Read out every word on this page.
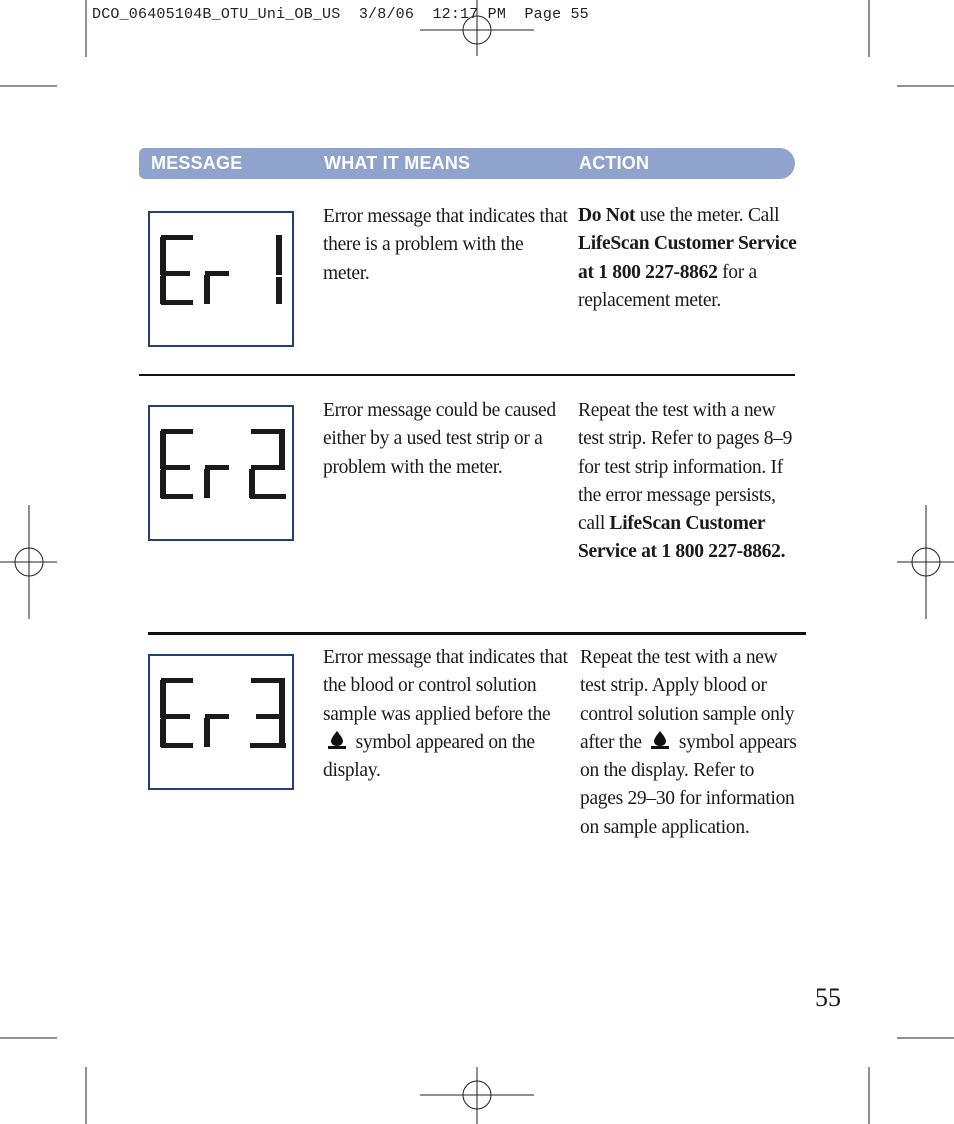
DCO_06405104B_OTU_Uni_OB_US  3/8/06  12:17 PM  Page 55
MESSAGE	WHAT IT MEANS	ACTION
Error message that indicates that there is a problem with the meter.
Do Not use the meter. Call LifeScan Customer Service at 1 800 227-8862 for a replacement meter.
Error message could be caused either by a used test strip or a problem with the meter.
Repeat the test with a new test strip. Refer to pages 8–9 for test strip information. If the error message persists, call LifeScan Customer Service at 1 800 227-8862.
Error message that indicates that the blood or control solution sample was applied before the  symbol appeared on the display.
Repeat the test with a new test strip. Apply blood or control solution sample only after the  symbol appears on the display. Refer to pages 29–30 for information on sample application.
55
